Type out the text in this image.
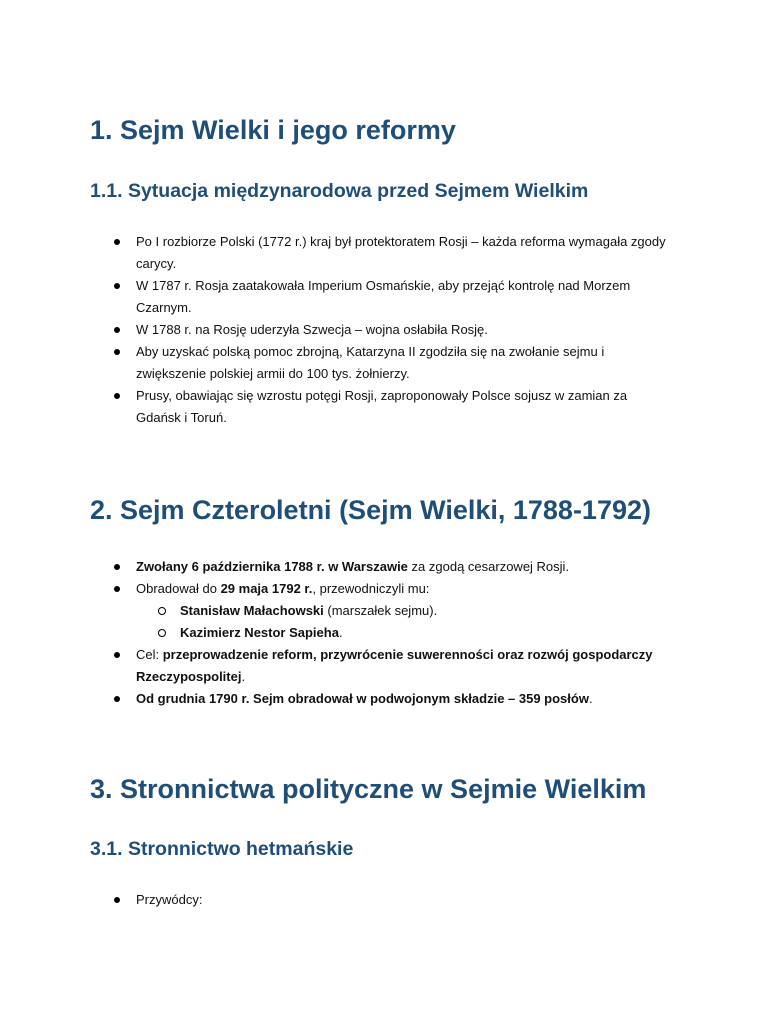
1. Sejm Wielki i jego reformy
1.1. Sytuacja międzynarodowa przed Sejmem Wielkim
Po I rozbiorze Polski (1772 r.) kraj był protektoratem Rosji – każda reforma wymagała zgody carycy.
W 1787 r. Rosja zaatakowała Imperium Osmańskie, aby przejąć kontrolę nad Morzem Czarnym.
W 1788 r. na Rosję uderzyła Szwecja – wojna osłabiła Rosję.
Aby uzyskać polską pomoc zbrojną, Katarzyna II zgodziła się na zwołanie sejmu i zwiększenie polskiej armii do 100 tys. żołnierzy.
Prusy, obawiając się wzrostu potęgi Rosji, zaproponowały Polsce sojusz w zamian za Gdańsk i Toruń.
2. Sejm Czteroletni (Sejm Wielki, 1788-1792)
Zwołany 6 października 1788 r. w Warszawie za zgodą cesarzowej Rosji.
Obradował do 29 maja 1792 r., przewodniczyli mu:
Stanisław Małachowski (marszałek sejmu).
Kazimierz Nestor Sapieha.
Cel: przeprowadzenie reform, przywrócenie suwerenności oraz rozwój gospodarczy Rzeczypospolitej.
Od grudnia 1790 r. Sejm obradował w podwojonym składzie – 359 posłów.
3. Stronnictwa polityczne w Sejmie Wielkim
3.1. Stronnictwo hetmańskie
Przywódcy:
